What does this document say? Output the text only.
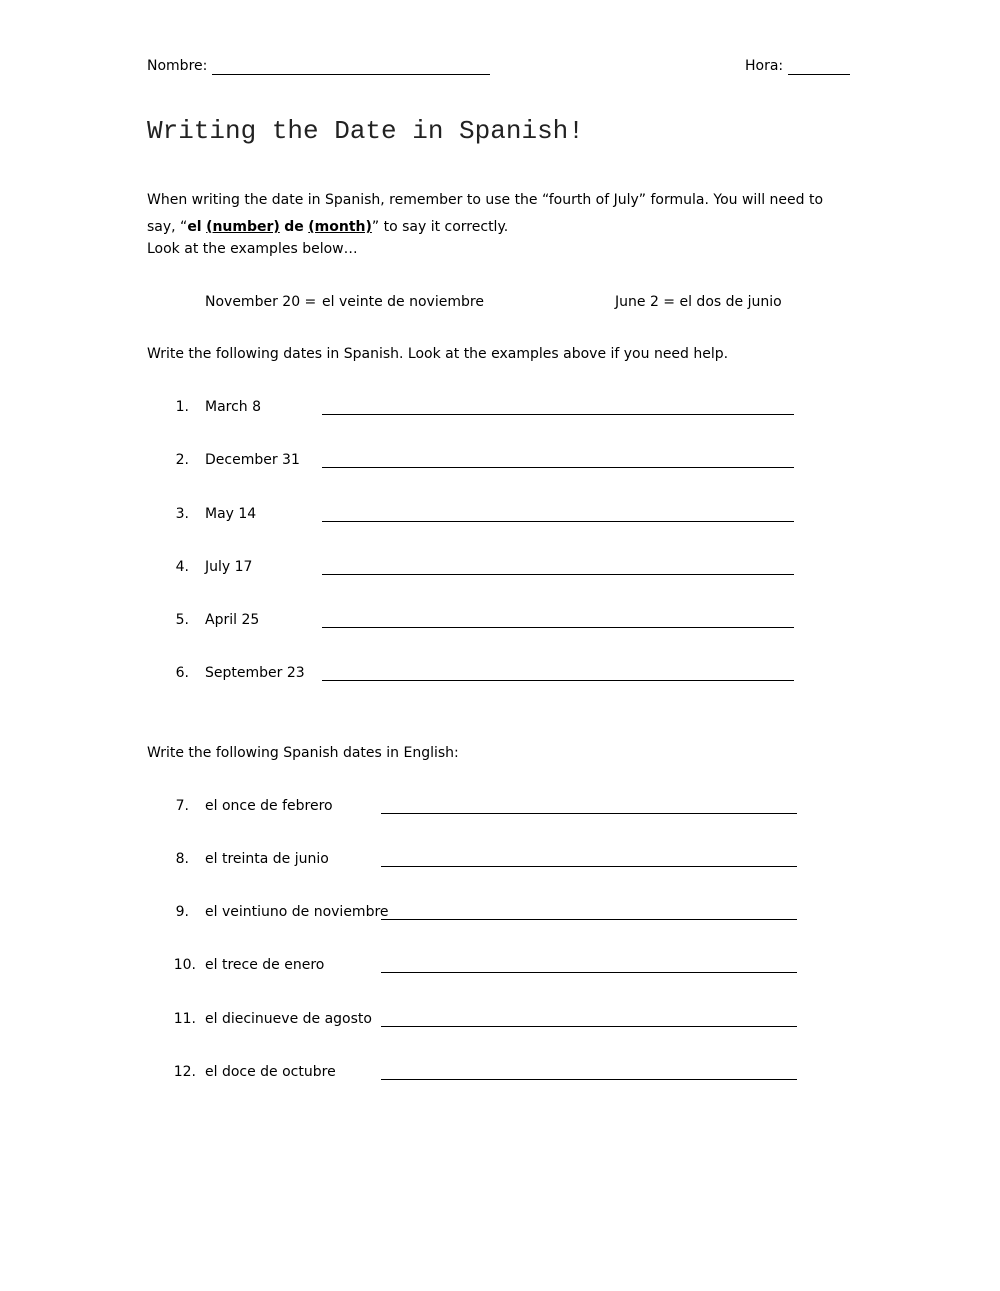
Nombre:	Hora:
Writing the Date in Spanish!
When writing the date in Spanish, remember to use the “fourth of July” formula. You will need to say, “el (number) de (month)” to say it correctly.
Look at the examples below…
November 20 = el veinte de noviembre	June 2 = el dos de junio
Write the following dates in Spanish. Look at the examples above if you need help.
1. March 8
2. December 31
3. May 14
4. July 17
5. April 25
6. September 23
Write the following Spanish dates in English:
7. el once de febrero
8. el treinta de junio
9. el veintiuno de noviembre
10. el trece de enero
11. el diecinueve de agosto
12. el doce de octubre
